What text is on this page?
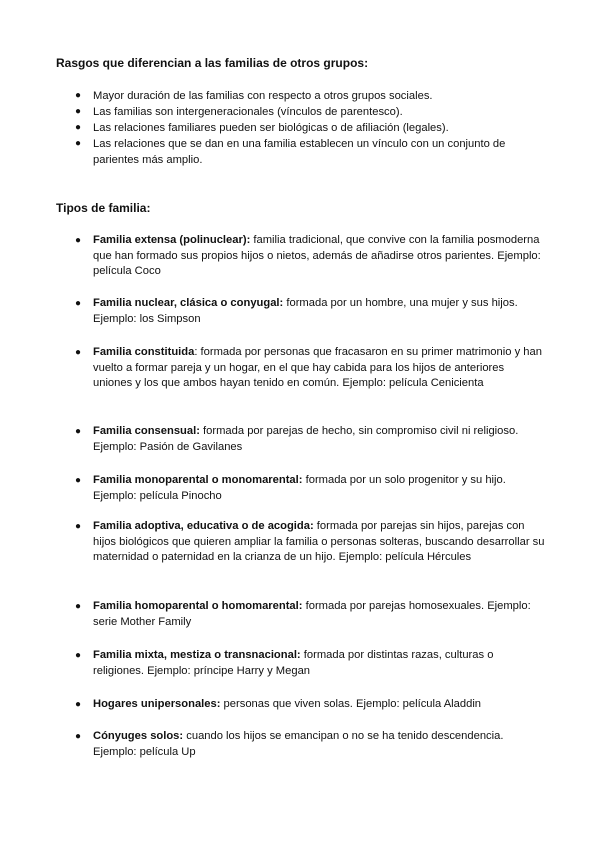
Rasgos que diferencian a las familias de otros grupos:

● Mayor duración de las familias con respecto a otros grupos sociales.
● Las familias son intergeneracionales (vínculos de parentesco).
● Las relaciones familiares pueden ser biológicas o de afiliación (legales).
● Las relaciones que se dan en una familia establecen un vínculo con un conjunto de parientes más amplio.

Tipos de familia:

● Familia extensa (polinuclear): familia tradicional, que convive con la familia posmoderna que han formado sus propios hijos o nietos, además de añadirse otros parientes. Ejemplo: película Coco
● Familia nuclear, clásica o conyugal: formada por un hombre, una mujer y sus hijos. Ejemplo: los Simpson
● Familia constituida: formada por personas que fracasaron en su primer matrimonio y han vuelto a formar pareja y un hogar, en el que hay cabida para los hijos de anteriores uniones y los que ambos hayan tenido en común. Ejemplo: película Cenicienta
● Familia consensual: formada por parejas de hecho, sin compromiso civil ni religioso. Ejemplo: Pasión de Gavilanes
● Familia monoparental o monomarental: formada por un solo progenitor y su hijo. Ejemplo: película Pinocho
● Familia adoptiva, educativa o de acogida: formada por parejas sin hijos, parejas con hijos biológicos que quieren ampliar la familia o personas solteras, buscando desarrollar su maternidad o paternidad en la crianza de un hijo. Ejemplo: película Hércules
● Familia homoparental o homomarental: formada por parejas homosexuales. Ejemplo: serie Mother Family
● Familia mixta, mestiza o transnacional: formada por distintas razas, culturas o religiones. Ejemplo: príncipe Harry y Megan
● Hogares unipersonales: personas que viven solas. Ejemplo: película Aladdin
● Cónyuges solos: cuando los hijos se emancipan o no se ha tenido descendencia. Ejemplo: película Up
